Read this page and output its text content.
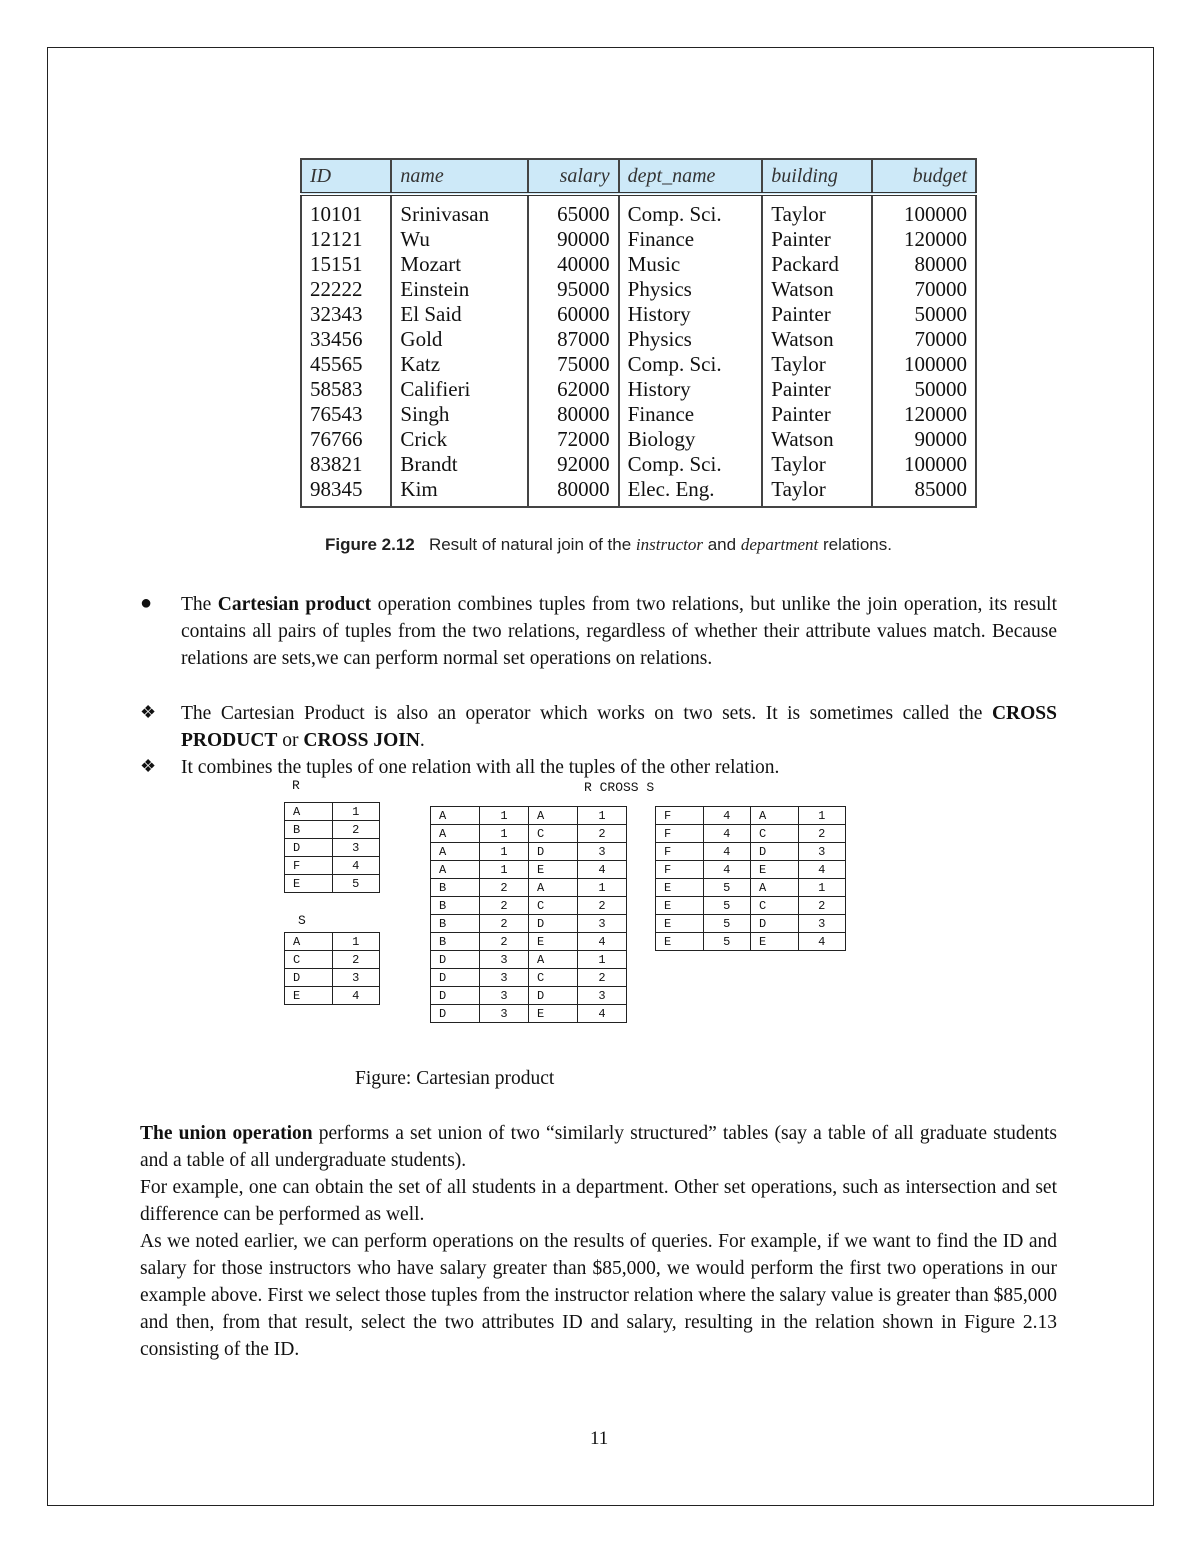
ID	name	salary	dept_name	building	budget
10101	Srinivasan	65000	Comp. Sci.	Taylor	100000
12121	Wu	90000	Finance	Painter	120000
15151	Mozart	40000	Music	Packard	80000
22222	Einstein	95000	Physics	Watson	70000
32343	El Said	60000	History	Painter	50000
33456	Gold	87000	Physics	Watson	70000
45565	Katz	75000	Comp. Sci.	Taylor	100000
58583	Califieri	62000	History	Painter	50000
76543	Singh	80000	Finance	Painter	120000
76766	Crick	72000	Biology	Watson	90000
83821	Brandt	92000	Comp. Sci.	Taylor	100000
98345	Kim	80000	Elec. Eng.	Taylor	85000
Figure 2.12 Result of natural join of the instructor and department relations.
● The Cartesian product operation combines tuples from two relations, but unlike the join operation, its result contains all pairs of tuples from the two relations, regardless of whether their attribute values match. Because relations are sets,we can perform normal set operations on relations.
❖ The Cartesian Product is also an operator which works on two sets. It is sometimes called the CROSS PRODUCT or CROSS JOIN.
❖ It combines the tuples of one relation with all the tuples of the other relation.
R	R CROSS S
S
A	1
B	2
D	3
F	4
E	5
A	1
C	2
D	3
E	4
A	1	A	1
A	1	C	2
A	1	D	3
A	1	E	4
B	2	A	1
B	2	C	2
B	2	D	3
B	2	E	4
D	3	A	1
D	3	C	2
D	3	D	3
D	3	E	4
F	4	A	1
F	4	C	2
F	4	D	3
F	4	E	4
E	5	A	1
E	5	C	2
E	5	D	3
E	5	E	4
Figure: Cartesian product
The union operation performs a set union of two “similarly structured” tables (say a table of all graduate students and a table of all undergraduate students).
For example, one can obtain the set of all students in a department. Other set operations, such as intersection and set difference can be performed as well.
As we noted earlier, we can perform operations on the results of queries. For example, if we want to find the ID and salary for those instructors who have salary greater than $85,000, we would perform the first two operations in our example above. First we select those tuples from the instructor relation where the salary value is greater than $85,000 and then, from that result, select the two attributes ID and salary, resulting in the relation shown in Figure 2.13 consisting of the ID.
11
